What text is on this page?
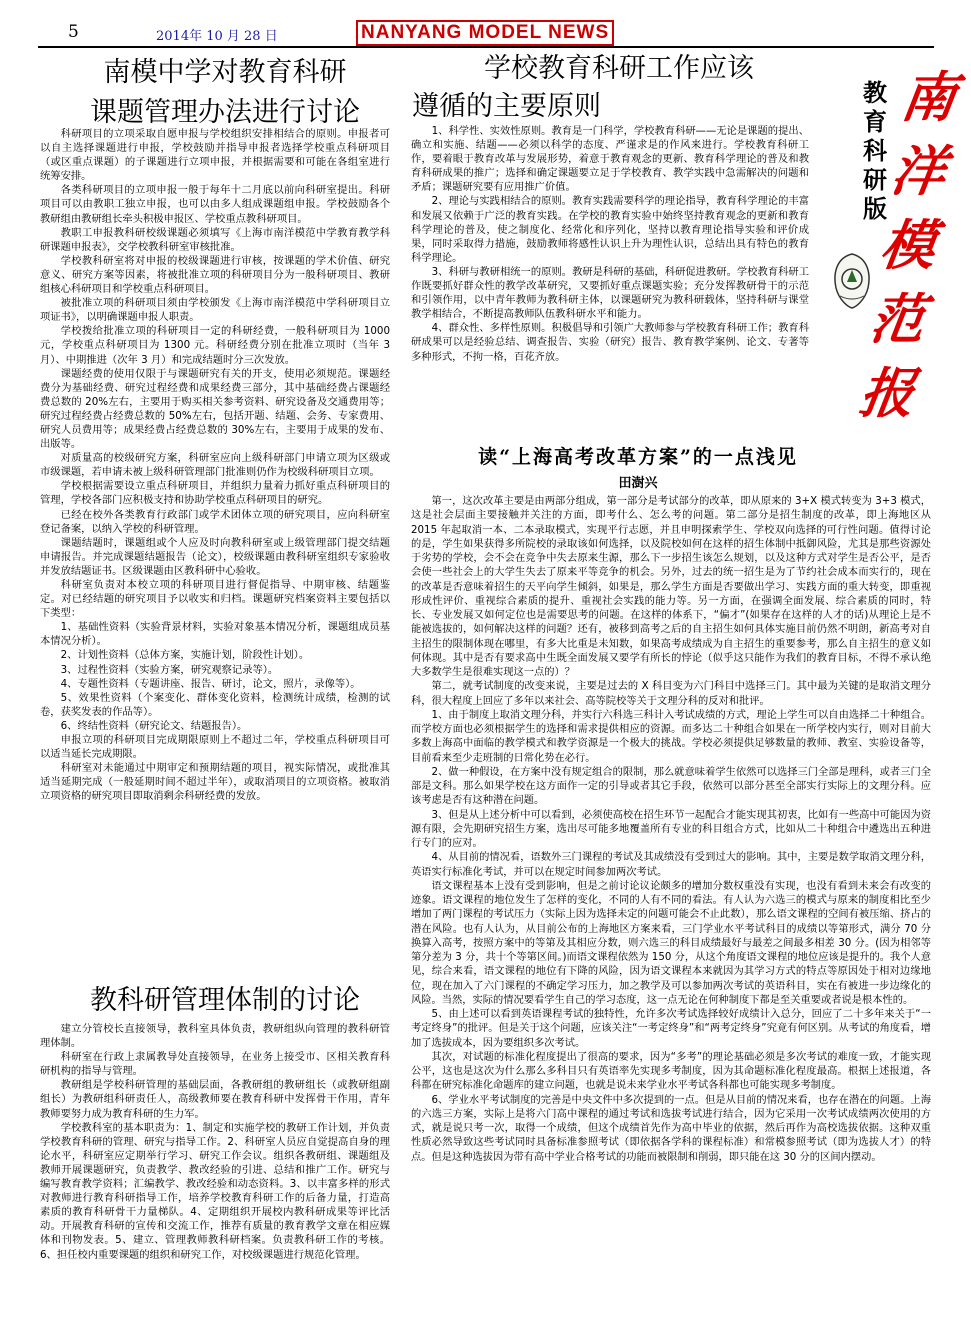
5	2014年 10 月 28 日	NANYANG MODEL NEWS
南模中学对教育科研
课题管理办法进行讨论

科研项目的立项采取自愿申报与学校组织安排相结合的原则。申报者可以自主选择课题进行申报，学校鼓励并指导申报者选择学校重点科研项目（或区重点课题）的子课题进行立项申报，并根据需要和可能在各组室进行统筹安排。

各类科研项目的立项申报一般于每年十二月底以前向科研室提出。科研项目可以由教职工独立申报，也可以由多人组成课题组申报。学校鼓励各个教研组由教研组长牵头积极申报区、学校重点教科研项目。

教职工申报教科研校级课题必须填写《上海市南洋模范中学教育教学科研课题申报表》，交学校教科研室审核批准。

学校教科研室将对申报的校级课题进行审核，按课题的学术价值、研究意义、研究方案等因素，将被批准立项的科研项目分为一般科研项目、教研组核心科研项目和学校重点科研项目。

被批准立项的科研项目须由学校颁发《上海市南洋模范中学科研项目立项证书》，以明确课题申报人职责。

学校拨给批准立项的科研项目一定的科研经费，一般科研项目为 1000 元，学校重点科研项目为 1300 元。科研经费分别在批准立项时（当年 3 月）、中期推进（次年 3 月）和完成结题时分三次发放。

课题经费的使用仅限于与课题研究有关的开支，使用必须规范。课题经费分为基础经费、研究过程经费和成果经费三部分，其中基础经费占课题经费总数的 20%左右，主要用于购买相关参考资料、研究设备及交通费用等；研究过程经费占经费总数的 50%左右，包括开题、结题、会务、专家费用、研究人员费用等；成果经费占经费总数的 30%左右，主要用于成果的发布、出版等。

对质量高的校级研究方案，科研室应向上级科研部门申请立项为区级或市级课题，若申请未被上级科研管理部门批准则仍作为校级科研项目立项。

学校根据需要设立重点科研项目，并组织力量着力抓好重点科研项目的管理，学校各部门应积极支持和协助学校重点科研项目的研究。

已经在校外各类教育行政部门或学术团体立项的研究项目，应向科研室登记备案，以纳入学校的科研管理。

课题结题时，课题组或个人应及时向教科研室或上级管理部门提交结题申请报告。并完成课题结题报告（论文），校级课题由教科研室组织专家验收并发放结题证书。区级课题由区教科研中心验收。

科研室负责对本校立项的科研项目进行督促指导、中期审核、结题鉴定。对已经结题的研究项目予以收实和归档。课题研究档案资料主要包括以下类型：

1、基础性资料（实验背景材料，实验对象基本情况分析，课题组成员基本情况分析）。

2、计划性资料（总体方案，实施计划，阶段性计划）。

3、过程性资料（实验方案，研究观察记录等）。

4、专题性资料（专题讲座、报告、研讨，论文，照片，录像等）。

5、效果性资料（个案变化、群体变化资料，检测统计成绩，检测的试卷，获奖发表的作品等）。

6、终结性资料（研究论文、结题报告）。

申报立项的科研项目完成期限原则上不超过二年，学校重点科研项目可以适当延长完成期限。

科研室对未能通过中期审定和预期结题的项目，视实际情况，或批准其适当延期完成（一般延期时间不超过半年），或取消项目的立项资格。被取消立项资格的研究项目即取消剩余科研经费的发放。

教科研管理体制的讨论

建立分管校长直接领导，教科室具体负责，教研组纵向管理的教科研管理体制。

科研室在行政上隶属教导处直接领导，在业务上接受市、区相关教育科研机构的指导与管理。

教研组是学校科研管理的基础层面，各教研组的教研组长（或教研组副组长）为教研组科研责任人，高级教师要在教育科研中发挥骨干作用，青年教师要努力成为教育科研的生力军。

学校教科室的基本职责为：1、制定和实施学校的教研工作计划，并负责学校教育科研的管理、研究与指导工作。2、科研室人员应自觉提高自身的理论水平，科研室应定期举行学习、研究工作会议。组织各教研组、课题组及教师开展课题研究，负责教学、教改经验的引进、总结和推广工作。研究与编写教育教学资料；汇编教学、教改经验和动态资料。3、以丰富多样的形式对教师进行教育科研指导工作，培养学校教育科研工作的后备力量，打造高素质的教育科研骨干力量梯队。4、定期组织开展校内教科研成果等评比活动。开展教育科研的宣传和交流工作，推荐有质量的教育教学文章在相应媒体和刊物发表。5、建立、管理教师教科研档案。负责教科研工作的考核。6、担任校内重要课题的组织和研究工作，对校级课题进行规范化管理。

学校教育科研工作应该
遵循的主要原则

1、科学性、实效性原则。教育是一门科学，学校教育科研——无论是课题的提出、确立和实施、结题——必须以科学的态度、严谨求是的作风来进行。学校教育科研工作，要着眼于教育改革与发展形势，着意于教育观念的更新、教育科学理论的普及和教育科研成果的推广；选择和确定课题要立足于学校教育、教学实践中急需解决的问题和矛盾；课题研究要有应用推广价值。

2、理论与实践相结合的原则。教育实践需要科学的理论指导，教育科学理论的丰富和发展又依赖于广泛的教育实践。在学校的教育实验中始终坚持教育观念的更新和教育科学理论的普及，使之制度化、经常化和序列化，坚持以教育理论指导实验和评价成果，同时采取得力措施，鼓励教师将感性认识上升为理性认识，总结出具有特色的教育科学理论。

3、科研与教研相统一的原则。教研是科研的基础，科研促进教研。学校教育科研工作既要抓好群众性的教学改革研究，又要抓好重点课题实验；充分发挥教研骨干的示范和引领作用，以中青年教师为教科研主体，以课题研究为教科研载体，坚持科研与课堂教学相结合，不断提高教师队伍教科研水平和能力。

4、群众性、多样性原则。积极倡导和引领广大教师参与学校教育科研工作；教育科研成果可以是经验总结、调查报告、实验（研究）报告、教育教学案例、论文、专著等多种形式，不拘一格，百花齐放。

教育科研版
南洋模范报
读“上海高考改革方案”的一点浅见
田澍兴

第一，这次改革主要是由两部分组成，第一部分是考试部分的改革，即从原来的 3+X 模式转变为 3+3 模式，这是社会层面主要接触并关注的方面，即考什么、怎么考的问题。第二部分是招生制度的改革，即上海地区从 2015 年起取消一本、二本录取模式，实现平行志愿，并且申明探索学生、学校双向选择的可行性问题。值得讨论的是，学生如果获得多所院校的录取该如何选择，以及院校如何在这样的招生体制中抵御风险，尤其是那些资源处于劣势的学校，会不会在竞争中失去原来生源，那么下一步招生该怎么规划，以及这种方式对学生是否公平，是否会使一些社会上的大学生失去了原来平等竞争的机会。另外，过去的统一招生是为了节约社会成本而实行的，现在的改革是否意味着招生的天平向学生倾斜，如果是，那么学生方面是否要做出学习、实践方面的重大转变，即重视形成性评价、重视综合素质的提升、重视社会实践的能力等。另一方面，在强调全面发展、综合素质的同时，特长、专业发展又如何定位也是需要思考的问题。在这样的体系下，“偏才”(如果存在这样的人才的话)从理论上是不能被选拔的，如何解决这样的问题？还有，被移到高考之后的自主招生如何具体实施目前仍然不明朗，新高考对自主招生的限制体现在哪里，有多大比重是未知数，如果高考成绩成为自主招生的重要参考，那么自主招生的意义如何体现。其中是否有要求高中生既全面发展又要学有所长的悖论（似乎这只能作为我们的教育目标，不得不承认绝大多数学生是很难实现这一点的）？

第二，就考试制度的改变来说，主要是过去的 X 科目变为六门科目中选择三门。其中最为关键的是取消文理分科，很大程度上回应了多年以来社会、高等院校等关于文理分科的反对和批评。

1、由于制度上取消文理分科，并实行六科选三科计入考试成绩的方式，理论上学生可以自由选择二十种组合。而学校方面也必须根据学生的选择和需求提供相应的资源。而多达二十种组合如果在一所学校内实行，则对目前大多数上海高中面临的教学模式和教学资源是一个极大的挑战。学校必须提供足够数量的教师、教室、实验设备等，目前看来至少走班制的日常化势在必行。

2、做一种假设，在方案中没有规定组合的限制，那么就意味着学生依然可以选择三门全部是理科，或者三门全部是文科。那么如果学校在这方面作一定的引导或者其它手段，依然可以部分甚至全部实行实际上的文理分科。应该考虑是否有这种潜在问题。

3、但是从上述分析中可以看到，必须使高校在招生环节一起配合才能实现其初衷，比如有一些高中可能因为资源有限，会先期研究招生方案，选出尽可能多地覆盖所有专业的科目组合方式，比如从二十种组合中遴选出五种进行专门的应对。

4、从目前的情况看，语数外三门课程的考试及其成绩没有受到过大的影响。其中，主要是数学取消文理分科，英语实行标准化考试，并可以在规定时间参加两次考试。

语文课程基本上没有受到影响，但是之前讨论议论颇多的增加分数权重没有实现，也没有看到未来会有改变的迹象。语文课程的地位发生了怎样的变化，不同的人有不同的看法。有人认为六选三的模式与原来的制度相比至少增加了两门课程的考试压力（实际上因为选择未定的问题可能会不止此数），那么语文课程的空间有被压缩、挤占的潜在风险。也有人认为，从目前公布的上海地区方案来看，三门学业水平考试科目的成绩以等第形式，满分 70 分换算入高考，按照方案中的等第及其相应分数，则六选三的科目成绩最好与最差之间最多相差 30 分。(因为相邻等第分差为 3 分，共十个等第区间。)而语文课程依然为 150 分，从这个角度语文课程的地位应该是提升的。我个人意见，综合来看，语文课程的地位有下降的风险，因为语文课程本来就因为其学习方式的特点等原因处于相对边缘地位，现在加入了六门课程的不确定学习压力，加之教学及可以参加两次考试的英语科目，实在有被进一步边缘化的风险。当然，实际的情况要看学生自己的学习态度，这一点无论在何种制度下都是至关重要或者说是根本性的。

5、由上述可以看到英语课程考试的独特性，允许多次考试选择较好成绩计入总分，回应了二十多年来关于“一考定终身”的批评。但是关于这个问题，应该关注“一考定终身”和“两考定终身”究竟有何区别。从考试的角度看，增加了选拔成本，因为要组织多次考试。

其次，对试题的标准化程度提出了很高的要求，因为“多考”的理论基础必须是多次考试的难度一致，才能实现公平，这也是这次为什么那么多科目只有英语率先实现多考制度，因为其命题标准化程度最高。根据上述报道，各科都在研究标准化命题库的建立问题，也就是说未来学业水平考试各科都也可能实现多考制度。

6、学业水平考试制度的完善是中央文件中多次提到的一点。但是从目前的情况来看，也存在潜在的问题。上海的六选三方案，实际上是将六门高中课程的通过考试和选拔考试进行结合，因为它采用一次考试成绩两次使用的方式，就是说只考一次，取得一个成绩，但这个成绩首先作为高中毕业的依据，然后再作为高校选拔依据。这种双重性质必然导致这些考试同时具备标准参照考试（即依据各学科的课程标准）和常模参照考试（即为选拔人才）的特点。但是这种选拔因为带有高中学业合格考试的功能而被限制和削弱，即只能在这 30 分的区间内摆动。
